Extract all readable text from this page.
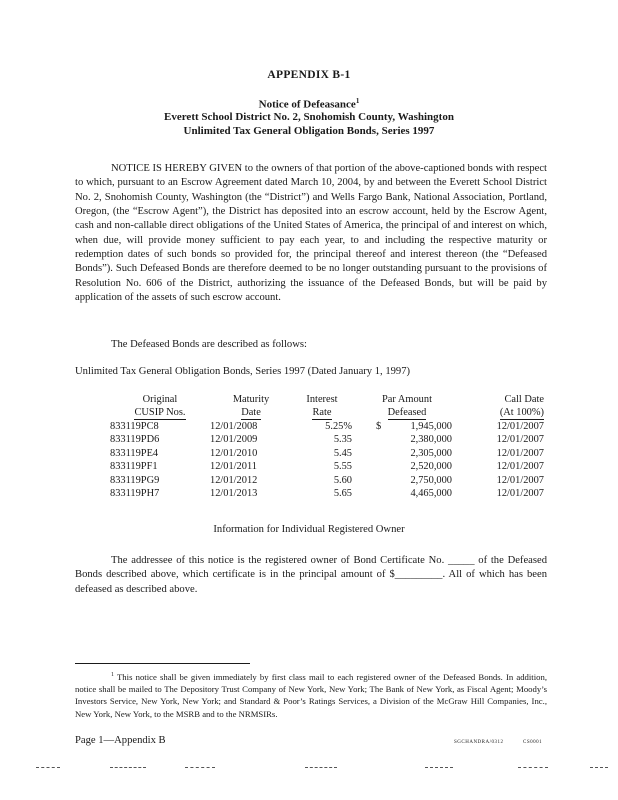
APPENDIX B-1
Notice of Defeasance$^1$
Everett School District No. 2, Snohomish County, Washington
Unlimited Tax General Obligation Bonds, Series 1997

NOTICE IS HEREBY GIVEN to the owners of that portion of the above-captioned bonds with respect to which, pursuant to an Escrow Agreement dated March 10, 2004, by and between the Everett School District No. 2, Snohomish County, Washington (the “District”) and Wells Fargo Bank, National Association, Portland, Oregon, (the “Escrow Agent”), the District has deposited into an escrow account, held by the Escrow Agent, cash and non-callable direct obligations of the United States of America, the principal of and interest on which, when due, will provide money sufficient to pay each year, to and including the respective maturity or redemption dates of such bonds so provided for, the principal thereof and interest thereon (the “Defeased Bonds”). Such Defeased Bonds are therefore deemed to be no longer outstanding pursuant to the provisions of Resolution No. 606 of the District, authorizing the issuance of the Defeased Bonds, but will be paid by application of the assets of such escrow account.

The Defeased Bonds are described as follows:

Unlimited Tax General Obligation Bonds, Series 1997 (Dated January 1, 1997)
Original	Maturity	Interest	Par Amount	Call Date
CUSIP Nos.	Date	Rate	Defeased	(At 100%)
833119PC8	12/01/2008	5.25%	$ 1,945,000	12/01/2007
833119PD6	12/01/2009	5.35	2,380,000	12/01/2007
833119PE4	12/01/2010	5.45	2,305,000	12/01/2007
833119PF1	12/01/2011	5.55	2,520,000	12/01/2007
833119PG9	12/01/2012	5.60	2,750,000	12/01/2007
833119PH7	12/01/2013	5.65	4,465,000	12/01/2007
Information for Individual Registered Owner

The addressee of this notice is the registered owner of Bond Certificate No. _____ of the Defeased Bonds described above, which certificate is in the principal amount of $_________. All of which has been defeased as described above.

$^1$ This notice shall be given immediately by first class mail to each registered owner of the Defeased Bonds. In addition, notice shall be mailed to The Depository Trust Company of New York, New York; The Bank of New York, as Fiscal Agent; Moody’s Investors Service, New York, New York; and Standard & Poor’s Ratings Services, a Division of the McGraw Hill Companies, Inc., New York, New York, to the MSRB and to the NRMSIRs.

Page 1—Appendix B	SGCHANDRA/0312	CS0001
